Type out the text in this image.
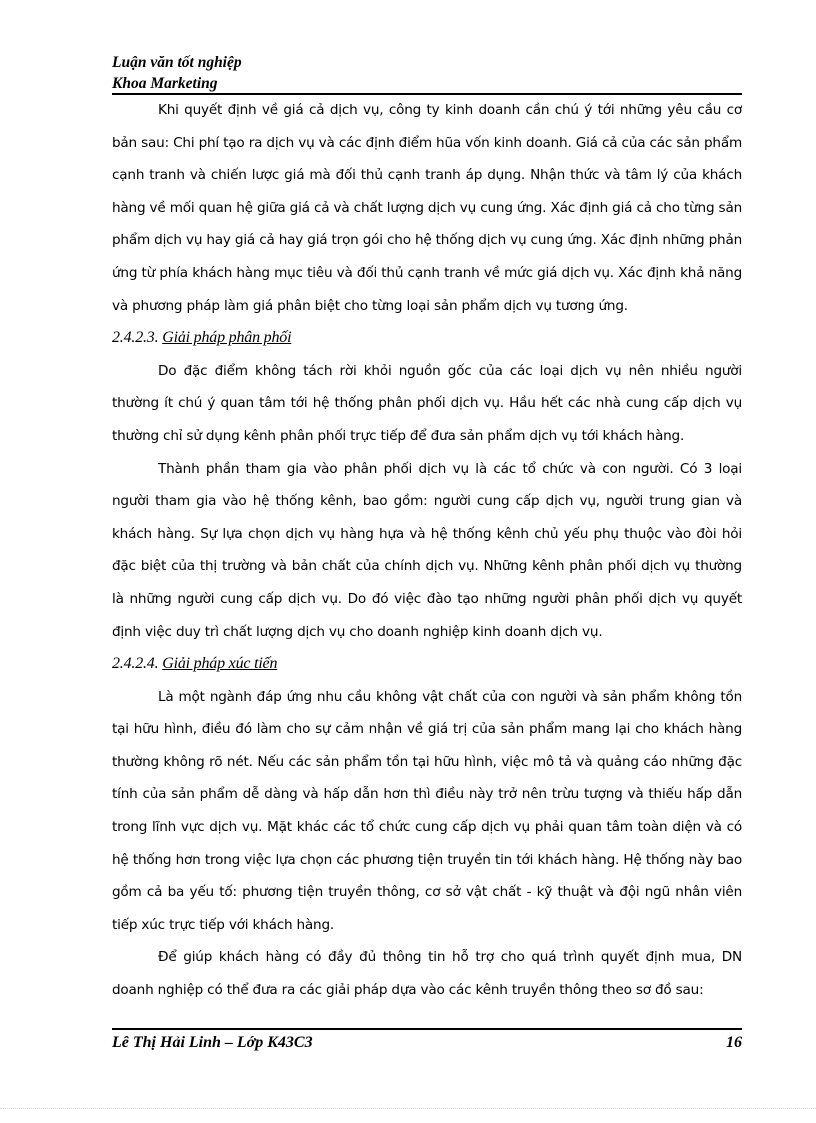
Luận văn tốt nghiệp
Khoa Marketing

Khi quyết định về giá cả dịch vụ, công ty kinh doanh cần chú ý tới những yêu cầu cơ bản sau: Chi phí tạo ra dịch vụ và các định điểm hũa vốn kinh doanh. Giá cả của các sản phẩm cạnh tranh và chiến lược giá mà đối thủ cạnh tranh áp dụng. Nhận thức và tâm lý của khách hàng về mối quan hệ giữa giá cả và chất lượng dịch vụ cung ứng. Xác định giá cả cho từng sản phẩm dịch vụ hay giá cả hay giá trọn gói cho hệ thống dịch vụ cung ứng. Xác định những phản ứng từ phía khách hàng mục tiêu và đối thủ cạnh tranh về mức giá dịch vụ. Xác định khả năng và phương pháp làm giá phân biệt cho từng loại sản phẩm dịch vụ tương ứng.

2.4.2.3. Giải pháp phân phối

Do đặc điểm không tách rời khỏi nguồn gốc của các loại dịch vụ nên nhiều người thường ít chú ý quan tâm tới hệ thống phân phối dịch vụ. Hầu hết các nhà cung cấp dịch vụ thường chỉ sử dụng kênh phân phối trực tiếp để đưa sản phẩm dịch vụ tới khách hàng.

Thành phần tham gia vào phân phối dịch vụ là các tổ chức và con người. Có 3 loại người tham gia vào hệ thống kênh, bao gồm: người cung cấp dịch vụ, người trung gian và khách hàng. Sự lựa chọn dịch vụ hàng hựa và hệ thống kênh chủ yếu phụ thuộc vào đòi hỏi đặc biệt của thị trường và bản chất của chính dịch vụ. Những kênh phân phối dịch vụ thường là những người cung cấp dịch vụ. Do đó việc đào tạo những người phân phối dịch vụ quyết định việc duy trì chất lượng dịch vụ cho doanh nghiệp kinh doanh dịch vụ.

2.4.2.4. Giải pháp xúc tiến

Là một ngành đáp ứng nhu cầu không vật chất của con người và sản phẩm không tồn tại hữu hình, điều đó làm cho sự cảm nhận về giá trị của sản phẩm mang lại cho khách hàng thường không rõ nét. Nếu các sản phẩm tồn tại hữu hình, việc mô tả và quảng cáo những đặc tính của sản phẩm dễ dàng và hấp dẫn hơn thì điều này trở nên trừu tượng và thiếu hấp dẫn trong lĩnh vực dịch vụ. Mặt khác các tổ chức cung cấp dịch vụ phải quan tâm toàn diện và có hệ thống hơn trong việc lựa chọn các phương tiện truyền tin tới khách hàng. Hệ thống này bao gồm cả ba yếu tố: phương tiện truyền thông, cơ sở vật chất - kỹ thuật và đội ngũ nhân viên tiếp xúc trực tiếp với khách hàng.

Để giúp khách hàng có đầy đủ thông tin hỗ trợ cho quá trình quyết định mua, DN doanh nghiệp có thể đưa ra các giải pháp dựa vào các kênh truyền thông theo sơ đồ sau:

Lê Thị Hải Linh – Lớp K43C3	16
